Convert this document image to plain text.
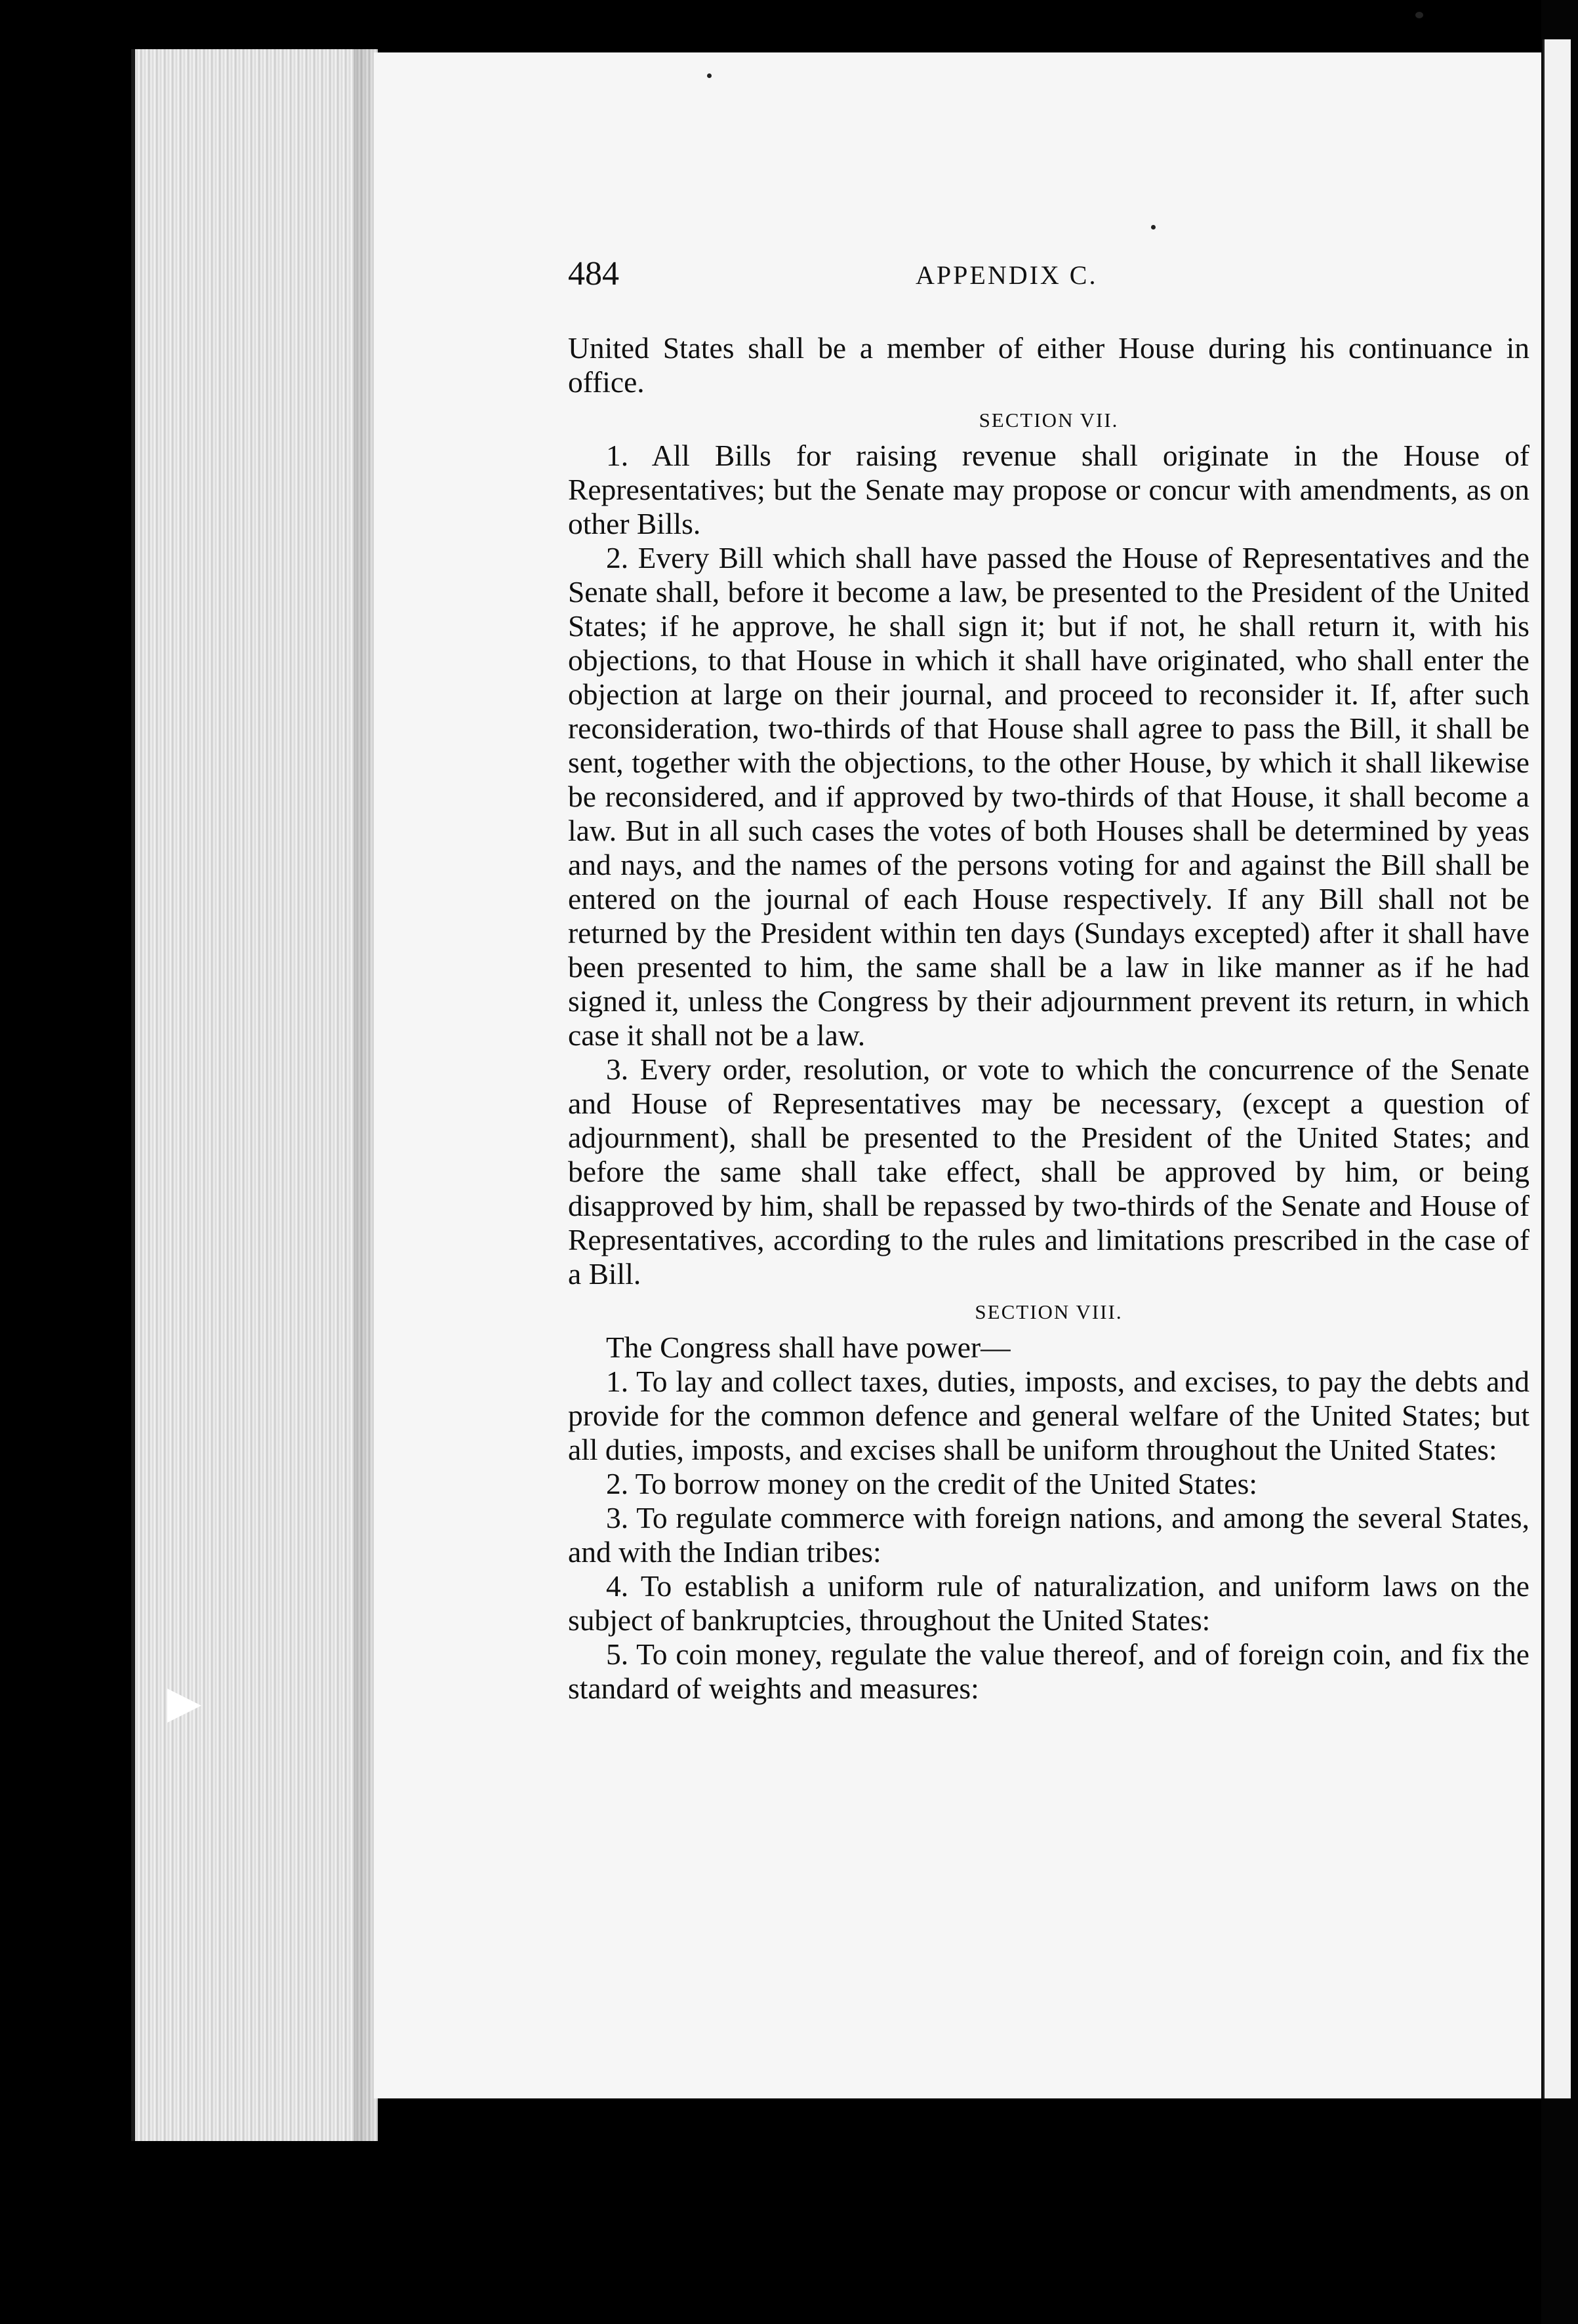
484	APPENDIX C.

United States shall be a member of either House during his continuance in office.

SECTION VII.

1. All Bills for raising revenue shall originate in the House of Representatives; but the Senate may propose or concur with amendments, as on other Bills.

2. Every Bill which shall have passed the House of Representatives and the Senate shall, before it become a law, be presented to the President of the United States; if he approve, he shall sign it; but if not, he shall return it, with his objections, to that House in which it shall have originated, who shall enter the objection at large on their journal, and proceed to reconsider it. If, after such reconsideration, two-thirds of that House shall agree to pass the Bill, it shall be sent, together with the objections, to the other House, by which it shall likewise be reconsidered, and if approved by two-thirds of that House, it shall become a law. But in all such cases the votes of both Houses shall be determined by yeas and nays, and the names of the persons voting for and against the Bill shall be entered on the journal of each House respectively. If any Bill shall not be returned by the President within ten days (Sundays excepted) after it shall have been presented to him, the same shall be a law in like manner as if he had signed it, unless the Congress by their adjournment prevent its return, in which case it shall not be a law.

3. Every order, resolution, or vote to which the concurrence of the Senate and House of Representatives may be necessary, (except a question of adjournment), shall be presented to the President of the United States; and before the same shall take effect, shall be approved by him, or being disapproved by him, shall be repassed by two-thirds of the Senate and House of Representatives, according to the rules and limitations prescribed in the case of a Bill.

SECTION VIII.

The Congress shall have power—

1. To lay and collect taxes, duties, imposts, and excises, to pay the debts and provide for the common defence and general welfare of the United States; but all duties, imposts, and excises shall be uniform throughout the United States:

2. To borrow money on the credit of the United States:

3. To regulate commerce with foreign nations, and among the several States, and with the Indian tribes:

4. To establish a uniform rule of naturalization, and uniform laws on the subject of bankruptcies, throughout the United States:

5. To coin money, regulate the value thereof, and of foreign coin, and fix the standard of weights and measures:
